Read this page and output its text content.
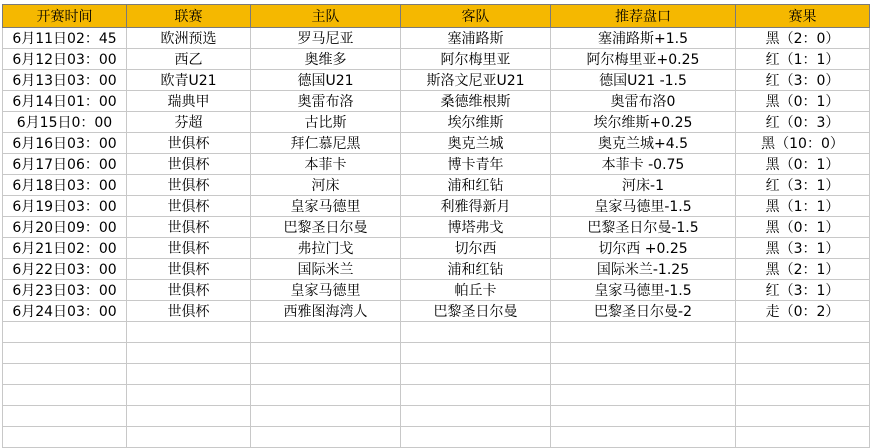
开赛时间	联赛	主队	客队	推荐盘口	赛果
6月11日02：45	欧洲预选	罗马尼亚	塞浦路斯	塞浦路斯+1.5	黑（2：0）
6月12日03：00	西乙	奥维多	阿尔梅里亚	阿尔梅里亚+0.25	红（1：1）
6月13日03：00	欧青U21	德国U21	斯洛文尼亚U21	德国U21 -1.5	红（3：0）
6月14日01：00	瑞典甲	奥雷布洛	桑德维根斯	奥雷布洛0	黑（0：1）
6月15日0：00	芬超	古比斯	埃尔维斯	埃尔维斯+0.25	红（0：3）
6月16日03：00	世俱杯	拜仁慕尼黑	奥克兰城	奥克兰城+4.5	黑（10：0）
6月17日06：00	世俱杯	本菲卡	博卡青年	本菲卡 -0.75	黑（0：1）
6月18日03：00	世俱杯	河床	浦和红钻	河床-1	红（3：1）
6月19日03：00	世俱杯	皇家马德里	利雅得新月	皇家马德里-1.5	黑（1：1）
6月20日09：00	世俱杯	巴黎圣日尔曼	博塔弗戈	巴黎圣日尔曼-1.5	黑（0：1）
6月21日02：00	世俱杯	弗拉门戈	切尔西	切尔西 +0.25	黑（3：1）
6月22日03：00	世俱杯	国际米兰	浦和红钻	国际米兰-1.25	黑（2：1）
6月23日03：00	世俱杯	皇家马德里	帕丘卡	皇家马德里-1.5	红（3：1）
6月24日03：00	世俱杯	西雅图海湾人	巴黎圣日尔曼	巴黎圣日尔曼-2	走（0：2）
